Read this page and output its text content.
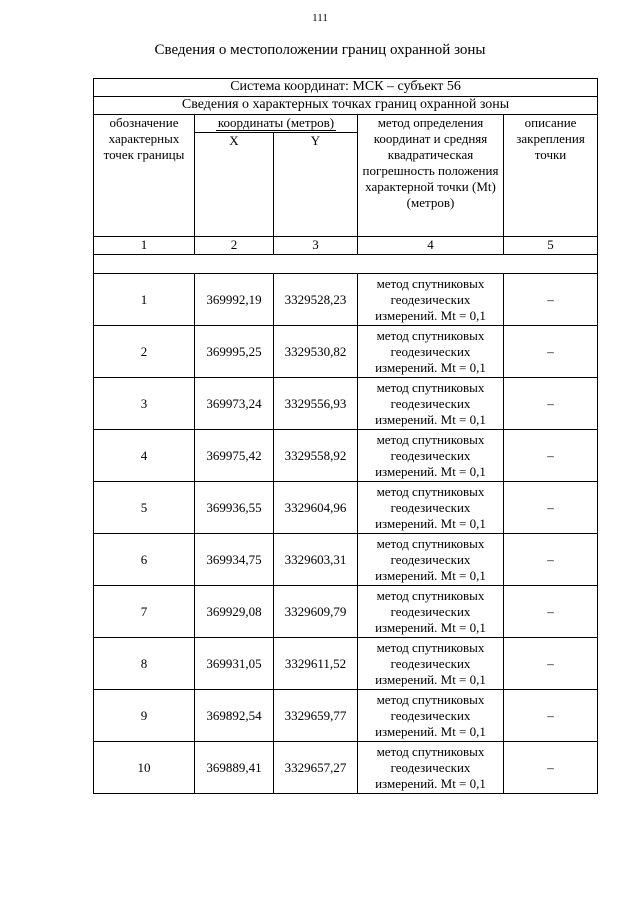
111
Сведения о местоположении границ охранной зоны
Система координат: МСК – субъект 56				
Сведения о характерных точках границ охранной зоны				
обозначение характерных точек границы	координаты (метров)		метод определения координат и средняя квадратическая погрешность положения характерной точки (Mt) (метров)	описание закрепления точки
	X	Y		
1	2	3	4	5

1	369992,19	3329528,23	метод спутниковых
геодезических
измерений. Mt = 0,1	–
2	369995,25	3329530,82	метод спутниковых
геодезических
измерений. Mt = 0,1	–
3	369973,24	3329556,93	метод спутниковых
геодезических
измерений. Mt = 0,1	–
4	369975,42	3329558,92	метод спутниковых
геодезических
измерений. Mt = 0,1	–
5	369936,55	3329604,96	метод спутниковых
геодезических
измерений. Mt = 0,1	–
6	369934,75	3329603,31	метод спутниковых
геодезических
измерений. Mt = 0,1	–
7	369929,08	3329609,79	метод спутниковых
геодезических
измерений. Mt = 0,1	–
8	369931,05	3329611,52	метод спутниковых
геодезических
измерений. Mt = 0,1	–
9	369892,54	3329659,77	метод спутниковых
геодезических
измерений. Mt = 0,1	–
10	369889,41	3329657,27	метод спутниковых
геодезических
измерений. Mt = 0,1	–
